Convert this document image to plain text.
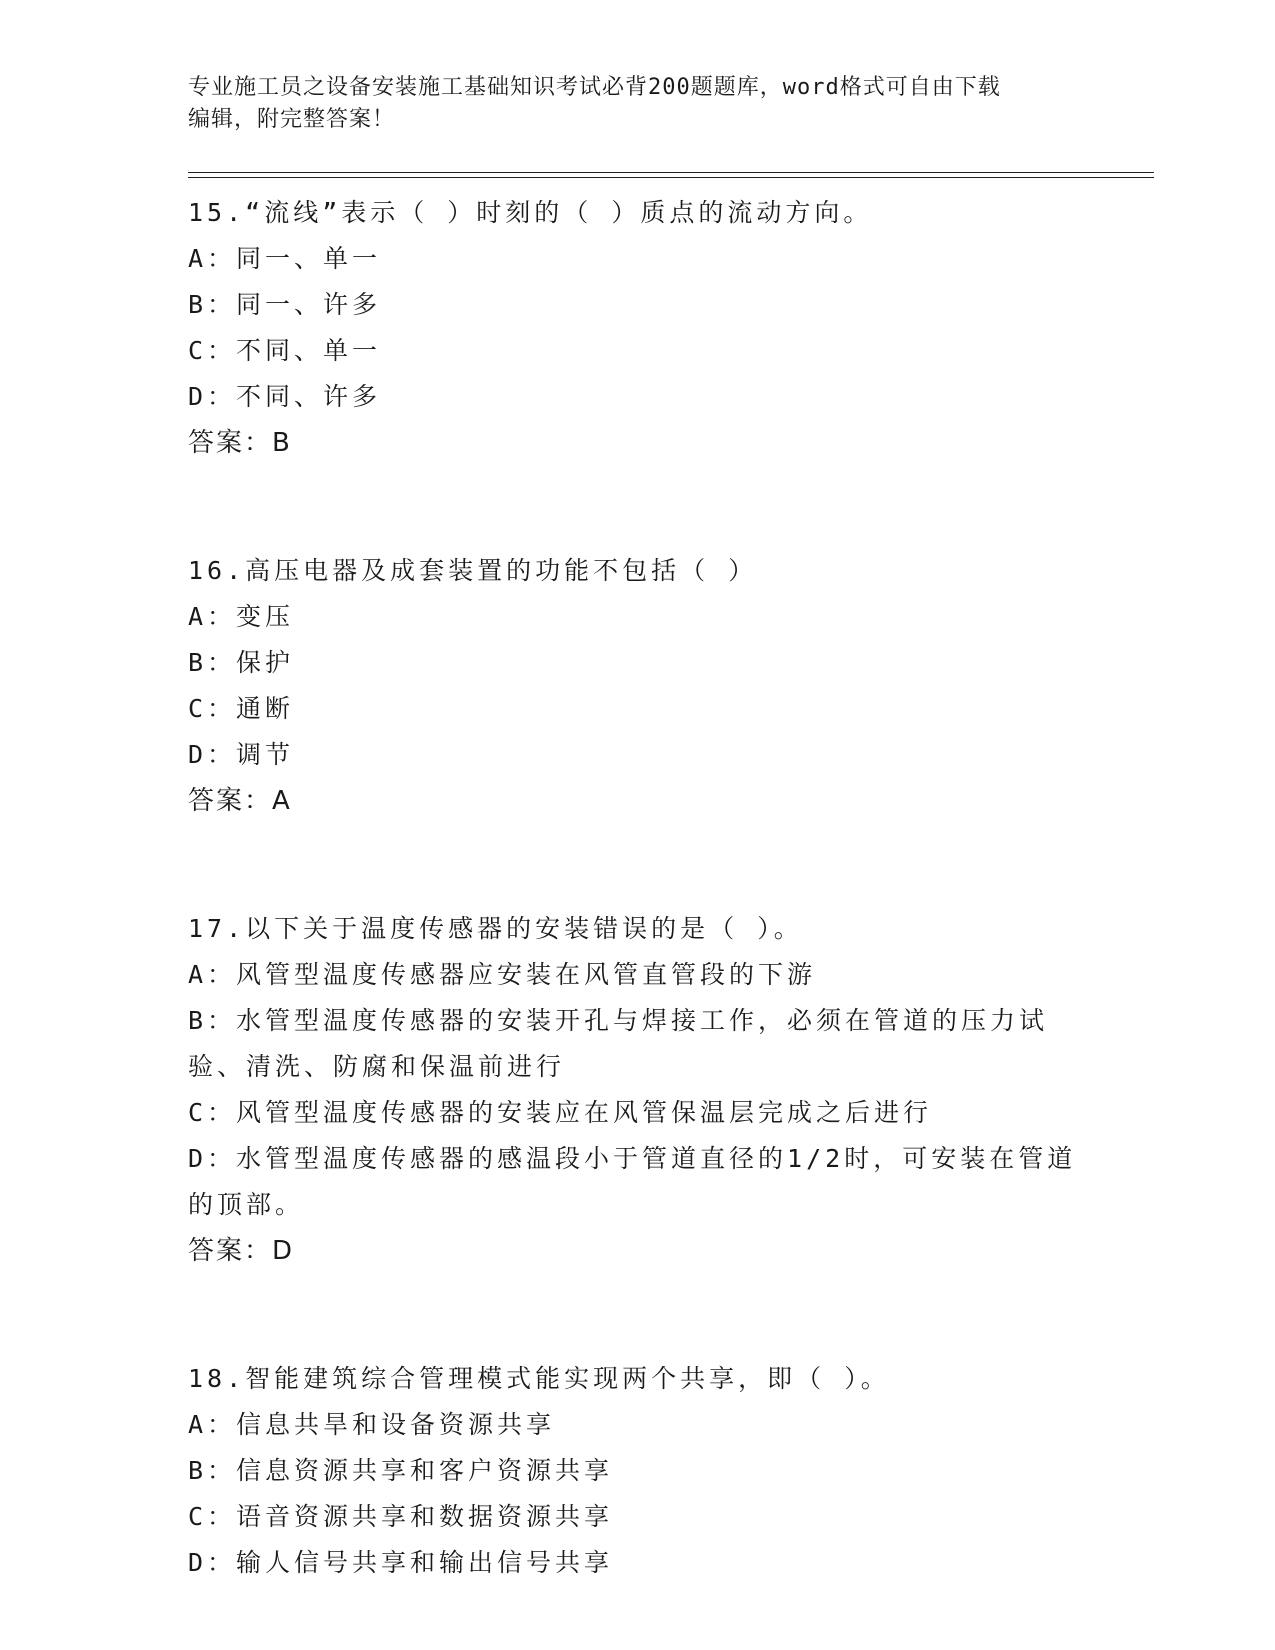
专业施工员之设备安装施工基础知识考试必背200题题库，word格式可自由下载
编辑，附完整答案！
15.“流线”表示（ ）时刻的（ ）质点的流动方向。
A：同一、单一
B：同一、许多
C：不同、单一
D：不同、许多
答案：B
16.高压电器及成套装置的功能不包括（ ）
A：变压
B：保护
C：通断
D：调节
答案：A
17.以下关于温度传感器的安装错误的是（ ）。
A：风管型温度传感器应安装在风管直管段的下游
B：水管型温度传感器的安装开孔与焊接工作，必须在管道的压力试验、清洗、防腐和保温前进行
C：风管型温度传感器的安装应在风管保温层完成之后进行
D：水管型温度传感器的感温段小于管道直径的1/2时，可安装在管道的顶部。
答案：D
18.智能建筑综合管理模式能实现两个共享，即（ ）。
A：信息共旱和设备资源共享
B：信息资源共享和客户资源共享
C：语音资源共享和数据资源共享
D：输人信号共享和输出信号共享
